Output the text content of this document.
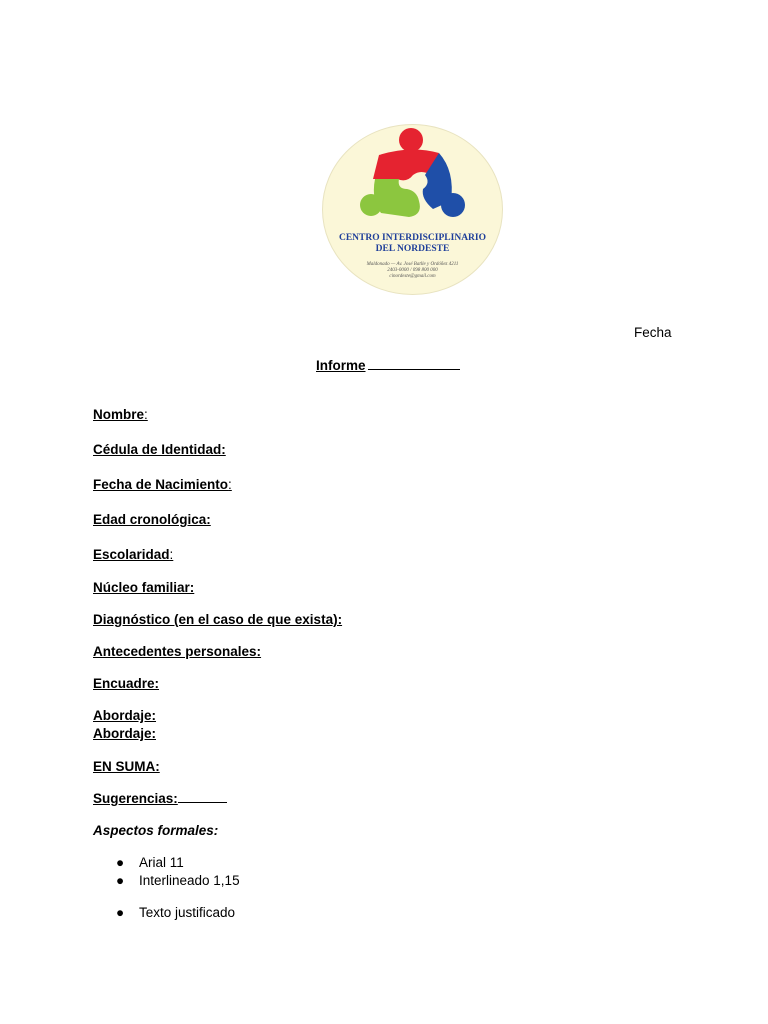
CENTRO INTERDISCIPLINARIO
DEL NORDESTE
Maldonado — Av. José Batlle y Ordóñez 4211
2403-0000 / 098 800 000
cinordeste@gmail.com
Fecha
Informe
Nombre:
Cédula de Identidad:
Fecha de Nacimiento:
Edad cronológica:
Escolaridad:
Núcleo familiar:
Diagnóstico (en el caso de que exista):
Antecedentes personales:
Encuadre:
Abordaje:
Abordaje:
EN SUMA:
Sugerencias:
Aspectos formales:
● Arial 11
● Interlineado 1,15
● Texto justificado
